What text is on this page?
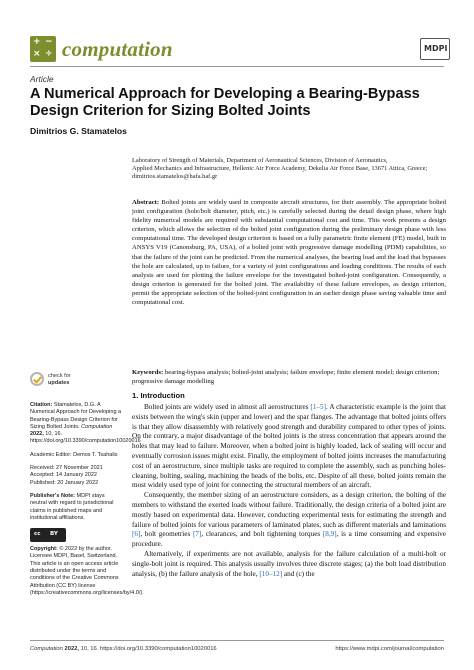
+ −
× ÷ computation	MDPI
Article
A Numerical Approach for Developing a Bearing-Bypass Design Criterion for Sizing Bolted Joints
Dimitrios G. Stamatelos
Laboratory of Strength of Materials, Department of Aeronautical Sciences, Division of Aeronautics,
Applied Mechanics and Infrastructure, Hellenic Air Force Academy, Dekelia Air Force Base, 13671 Attica, Greece;
dimitrios.stamatelos@hafa.haf.gr
Abstract: Bolted joints are widely used in composite aircraft structures, for their assembly. The appropriate bolted joint configuration (hole/bolt diameter, pitch, etc.) is carefully selected during the detail design phase, where high fidelity numerical models are required with substantial computational cost and time. This work presents a design criterion, which allows the selection of the bolted joint configuration during the preliminary design phase with less computational time. The developed design criterion is based on a fully parametric finite element (FE) model, built in ANSYS V19 (Canonsburg, PA, USA), of a bolted joint with progressive damage modelling (PDM) capabilities, so that the failure of the joint can be predicted. From the numerical analyses, the bearing load and the load that bypasses the hole are calculated, up to failure, for a variety of joint configurations and loading conditions. The results of each analysis are used for plotting the failure envelope for the investigated bolted-joint configuration. Consequently, a design criterion is generated for the bolted joint. The availability of these failure envelopes, as design criterion, permit the appropriate selection of the bolted-joint configuration in an earlier design phase saving valuable time and computational cost.
Keywords: bearing-bypass analysis; bolted-joint analysis; failure envelope; finite element model; design criterion; progressive damage modelling
check for
updates
Citation: Stamatelos, D.G. A Numerical Approach for Developing a Bearing-Bypass Design Criterion for Sizing Bolted Joints. Computation 2022, 10, 16. https://doi.org/10.3390/computation10020016
Academic Editor: Demos T. Tsahalis
Received: 27 November 2021
Accepted: 14 January 2022
Published: 20 January 2022
Publisher's Note: MDPI stays neutral with regard to jurisdictional claims in published maps and institutional affiliations.
cc BY
Copyright: © 2022 by the author. Licensee MDPI, Basel, Switzerland. This article is an open access article distributed under the terms and conditions of the Creative Commons Attribution (CC BY) license (https://creativecommons.org/licenses/by/4.0/).
1. Introduction

Bolted joints are widely used in almost all aerostructures [1–5]. A characteristic example is the joint that exists between the wing's skin (upper and lower) and the spar flanges. The advantage that bolted joints offers is that they allow disassembly with relatively good strength and durability compared to other types of joints. On the contrary, a major disadvantage of the bolted joints is the stress concentration that appears around the holes that may lead to failure. Moreover, when a bolted joint is highly loaded, lack of sealing will occur and eventually corrosion issues might exist. Finally, the employment of bolted joints increases the manufacturing cost of an aerostructure, since multiple tasks are required to complete the assembly, such as punching holes-cleaning, bolting, sealing, machining the heads of the bolts, etc. Despite of all these, bolted joints remain the most widely used type of joint for connecting the structural members of an aircraft.

Consequently, the member sizing of an aerostructure considers, as a design criterion, the bolting of the members to withstand the exerted loads without failure. Traditionally, the design criteria of a bolted joint are mostly based on experimental data. However, conducting experimental tests for estimating the strength and failure of bolted joints for various parameters of laminated plates, such as different materials and laminations [6], bolt geometries [7], clearances, and bolt tightening torques [8,9], is a time consuming and expensive procedure.

Alternatively, if experiments are not available, analysis for the failure calculation of a multi-bolt or single-bolt joint is required. This analysis usually involves three discrete stages; (a) the bolt load distribution analysis, (b) the failure analysis of the hole, [10–12] and (c) the

Computation 2022, 10, 16. https://doi.org/10.3390/computation10020016	https://www.mdpi.com/journal/computation
